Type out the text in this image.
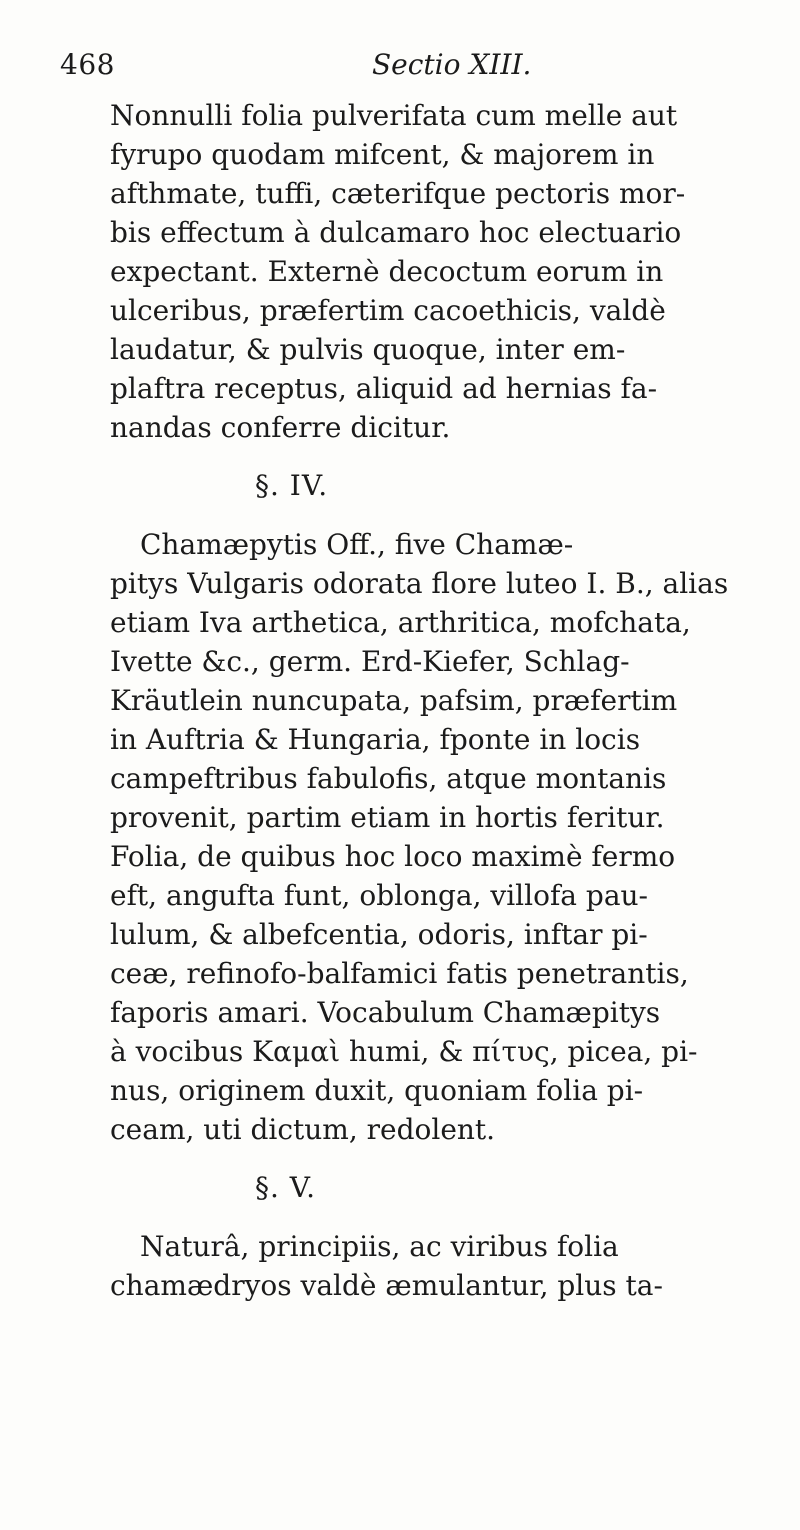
468	Sectio XIII.
Nonnulli folia pulverifata cum melle aut
fyrupo quodam mifcent, & majorem in
afthmate, tuffi, cæterifque pectoris mor-
bis effectum à dulcamaro hoc electuario
expectant. Externè decoctum eorum in
ulceribus, præfertim cacoethicis, valdè
laudatur, & pulvis quoque, inter em-
plaftra receptus, aliquid ad hernias fa-
nandas conferre dicitur.
§. IV.
Chamæpytis Off., five Chamæ-
pitys Vulgaris odorata flore luteo I. B., alias
etiam Iva arthetica, arthritica, mofchata,
Ivette &c., germ. Erd-Kiefer, Schlag-
Kräutlein nuncupata, pafsim, præfertim
in Auftria & Hungaria, fponte in locis
campeftribus fabulofis, atque montanis
provenit, partim etiam in hortis feritur.
Folia, de quibus hoc loco maximè fermo
eft, angufta funt, oblonga, villofa pau-
lulum, & albefcentia, odoris, inftar pi-
ceæ, refinofo-balfamici fatis penetrantis,
faporis amari. Vocabulum Chamæpitys
à vocibus Καμαὶ humi, & πίτυς, picea, pi-
nus, originem duxit, quoniam folia pi-
ceam, uti dictum, redolent.
§. V.
Naturâ, principiis, ac viribus folia
chamædryos valdè æmulantur, plus ta-
